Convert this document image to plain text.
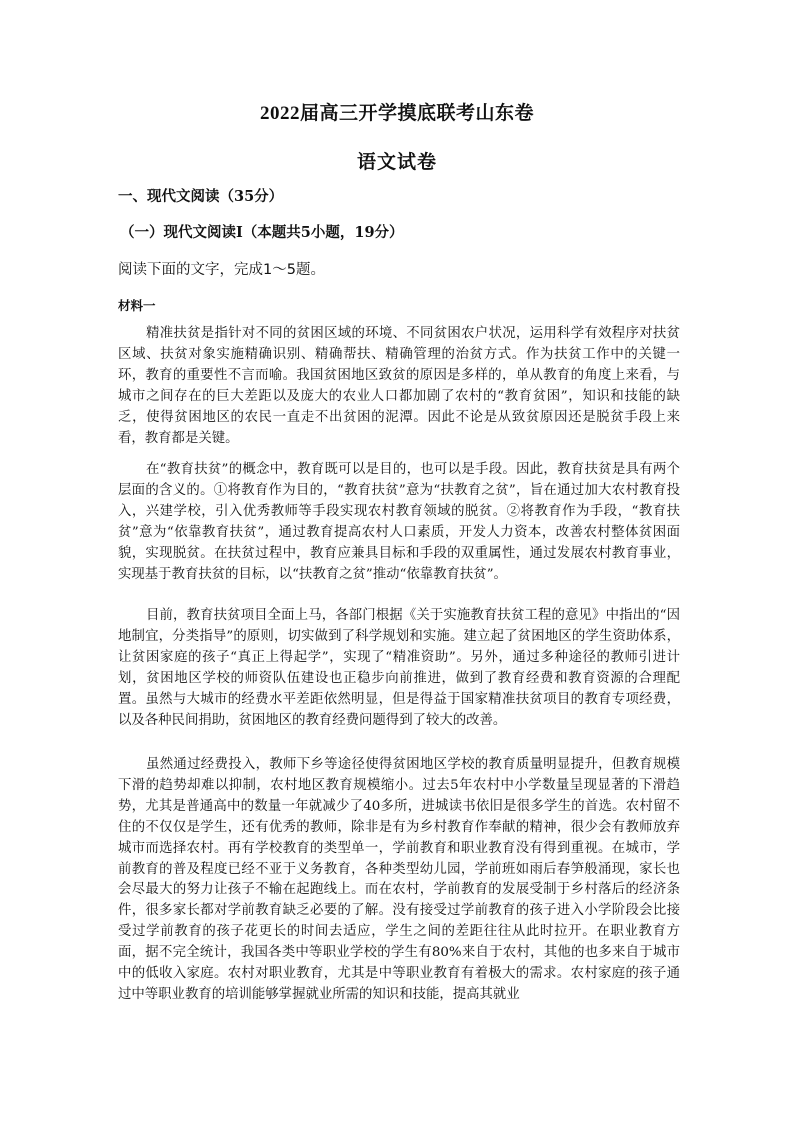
2022届高三开学摸底联考山东卷
语文试卷
一、现代文阅读（35分）
（一）现代文阅读Ⅰ（本题共5小题，19分）
阅读下面的文字，完成1～5题。
材料一

精准扶贫是指针对不同的贫困区域的环境、不同贫困农户状况，运用科学有效程序对扶贫区域、扶贫对象实施精确识别、精确帮扶、精确管理的治贫方式。作为扶贫工作中的关键一环，教育的重要性不言而喻。我国贫困地区致贫的原因是多样的，单从教育的角度上来看，与城市之间存在的巨大差距以及庞大的农业人口都加剧了农村的“教育贫困”，知识和技能的缺乏，使得贫困地区的农民一直走不出贫困的泥潭。因此不论是从致贫原因还是脱贫手段上来看，教育都是关键。

在“教育扶贫”的概念中，教育既可以是目的，也可以是手段。因此，教育扶贫是具有两个层面的含义的。①将教育作为目的，“教育扶贫”意为“扶教育之贫”，旨在通过加大农村教育投入，兴建学校，引入优秀教师等手段实现农村教育领域的脱贫。②将教育作为手段，“教育扶贫”意为“依靠教育扶贫”，通过教育提高农村人口素质，开发人力资本，改善农村整体贫困面貌，实现脱贫。在扶贫过程中，教育应兼具目标和手段的双重属性，通过发展农村教育事业，实现基于教育扶贫的目标，以“扶教育之贫”推动“依靠教育扶贫”。

目前，教育扶贫项目全面上马，各部门根据《关于实施教育扶贫工程的意见》中指出的“因地制宜，分类指导”的原则，切实做到了科学规划和实施。建立起了贫困地区的学生资助体系，让贫困家庭的孩子“真正上得起学”，实现了“精准资助”。另外，通过多种途径的教师引进计划，贫困地区学校的师资队伍建设也正稳步向前推进，做到了教育经费和教育资源的合理配置。虽然与大城市的经费水平差距依然明显，但是得益于国家精准扶贫项目的教育专项经费，以及各种民间捐助，贫困地区的教育经费问题得到了较大的改善。

虽然通过经费投入，教师下乡等途径使得贫困地区学校的教育质量明显提升，但教育规模下滑的趋势却难以抑制，农村地区教育规模缩小。过去5年农村中小学数量呈现显著的下滑趋势，尤其是普通高中的数量一年就减少了40多所，进城读书依旧是很多学生的首选。农村留不住的不仅仅是学生，还有优秀的教师，除非是有为乡村教育作奉献的精神，很少会有教师放弃城市而选择农村。再有学校教育的类型单一，学前教育和职业教育没有得到重视。在城市，学前教育的普及程度已经不亚于义务教育，各种类型幼儿园，学前班如雨后春笋般涌现，家长也会尽最大的努力让孩子不输在起跑线上。而在农村，学前教育的发展受制于乡村落后的经济条件，很多家长都对学前教育缺乏必要的了解。没有接受过学前教育的孩子进入小学阶段会比接受过学前教育的孩子花更长的时间去适应，学生之间的差距往往从此时拉开。在职业教育方面，据不完全统计，我国各类中等职业学校的学生有80%来自于农村，其他的也多来自于城市中的低收入家庭。农村对职业教育，尤其是中等职业教育有着极大的需求。农村家庭的孩子通过中等职业教育的培训能够掌握就业所需的知识和技能，提高其就业
